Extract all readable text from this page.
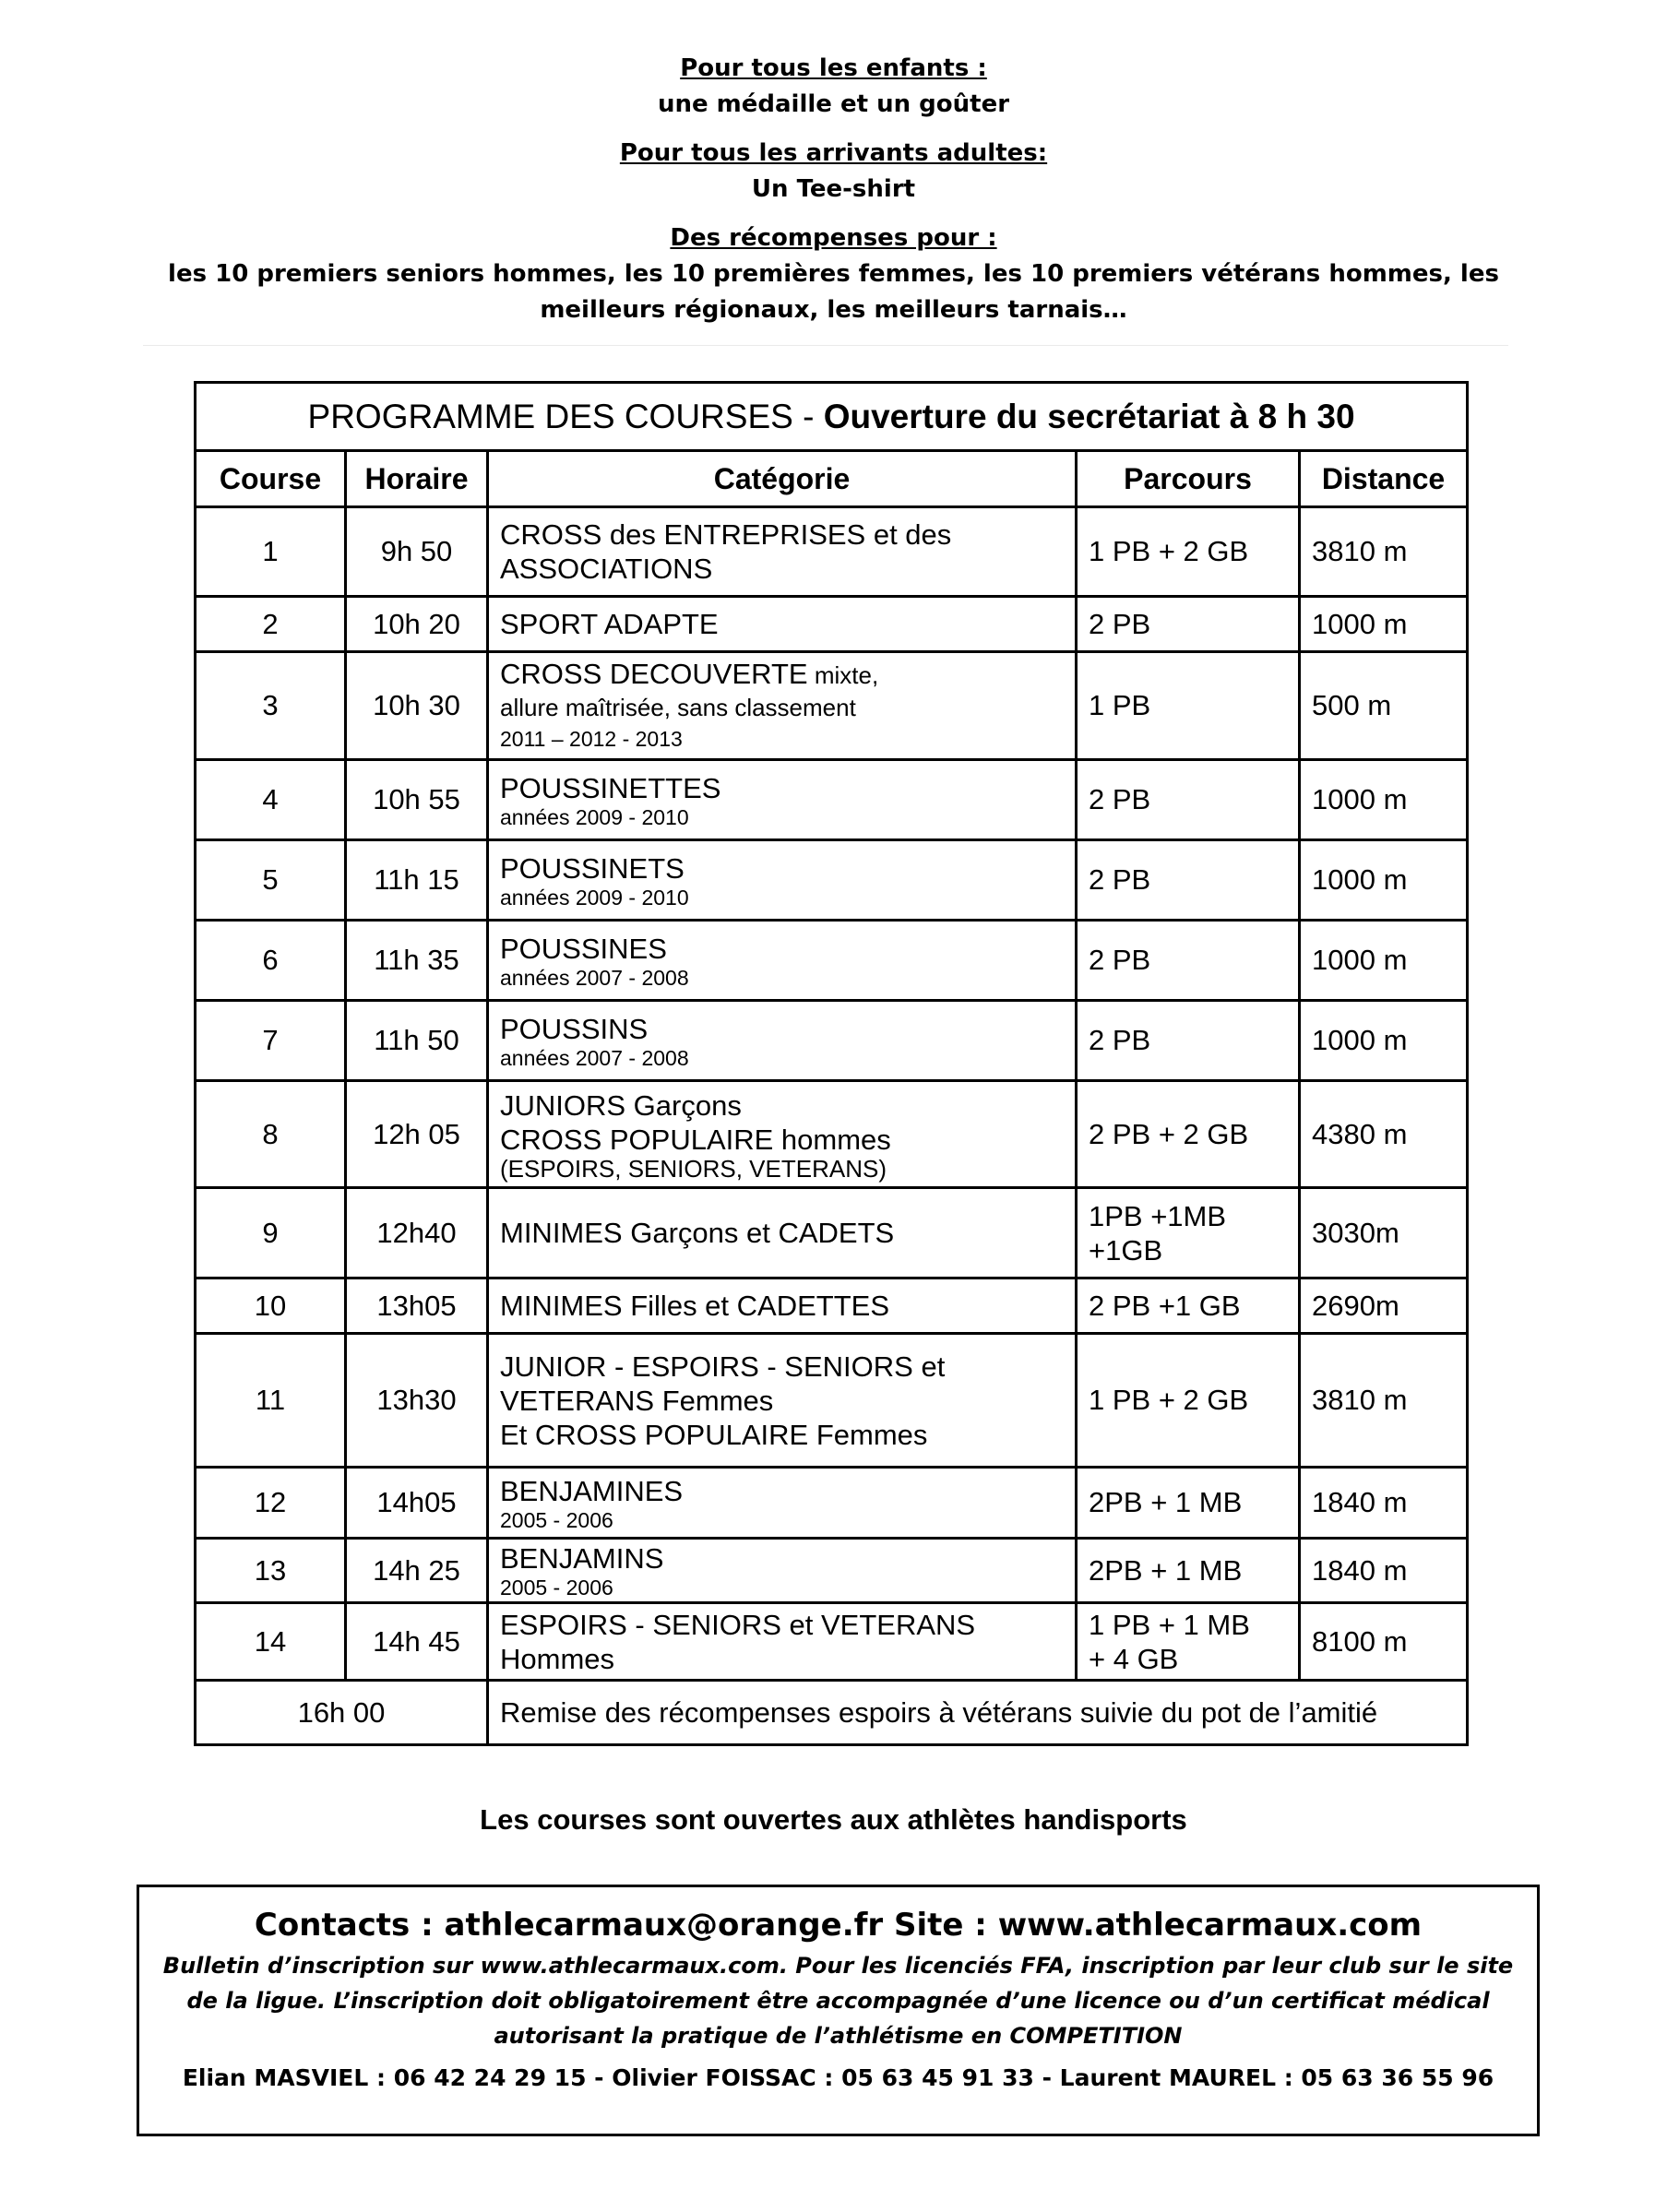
Pour tous les enfants :
une médaille et un goûter
Pour tous les arrivants adultes:
Un Tee-shirt
Des récompenses pour :
les 10 premiers seniors hommes, les 10 premières femmes, les 10 premiers vétérans hommes, les
meilleurs régionaux, les meilleurs tarnais…
PROGRAMME DES COURSES - Ouverture du secrétariat à 8 h 30				
Course	Horaire	Catégorie	Parcours	Distance
1	9h 50	CROSS des ENTREPRISES et des
ASSOCIATIONS	1 PB + 2 GB	3810 m
2	10h 20	SPORT ADAPTE	2 PB	1000 m
3	10h 30	CROSS DECOUVERTE mixte,
allure maîtrisée, sans classement
2011 – 2012 - 2013	1 PB	500 m
4	10h 55	POUSSINETTES
années 2009 - 2010	2 PB	1000 m
5	11h 15	POUSSINETS
années 2009 - 2010	2 PB	1000 m
6	11h 35	POUSSINES
années 2007 - 2008	2 PB	1000 m
7	11h 50	POUSSINS
années 2007 - 2008	2 PB	1000 m
8	12h 05	JUNIORS Garçons
CROSS POPULAIRE hommes
(ESPOIRS, SENIORS, VETERANS)	2 PB + 2 GB	4380 m
9	12h40	MINIMES Garçons et CADETS	1PB +1MB
+1GB	3030m
10	13h05	MINIMES Filles et CADETTES	2 PB +1 GB	2690m
11	13h30	JUNIOR - ESPOIRS - SENIORS et
VETERANS Femmes
Et CROSS POPULAIRE Femmes	1 PB + 2 GB	3810 m
12	14h05	BENJAMINES
2005 - 2006	2PB + 1 MB	1840 m
13	14h 25	BENJAMINS
2005 - 2006	2PB + 1 MB	1840 m
14	14h 45	ESPOIRS - SENIORS et VETERANS
Hommes	1 PB + 1 MB
+ 4 GB	8100 m
16h 00		Remise des récompenses espoirs à vétérans suivie du pot de l’amitié		
Les courses sont ouvertes aux athlètes handisports
Contacts : athlecarmaux@orange.fr Site : www.athlecarmaux.com
Bulletin d’inscription sur www.athlecarmaux.com. Pour les licenciés FFA, inscription par leur club sur le site
de la ligue. L’inscription doit obligatoirement être accompagnée d’une licence ou d’un certificat médical
autorisant la pratique de l’athlétisme en COMPETITION
Elian MASVIEL : 06 42 24 29 15 - Olivier FOISSAC : 05 63 45 91 33 - Laurent MAUREL : 05 63 36 55 96
